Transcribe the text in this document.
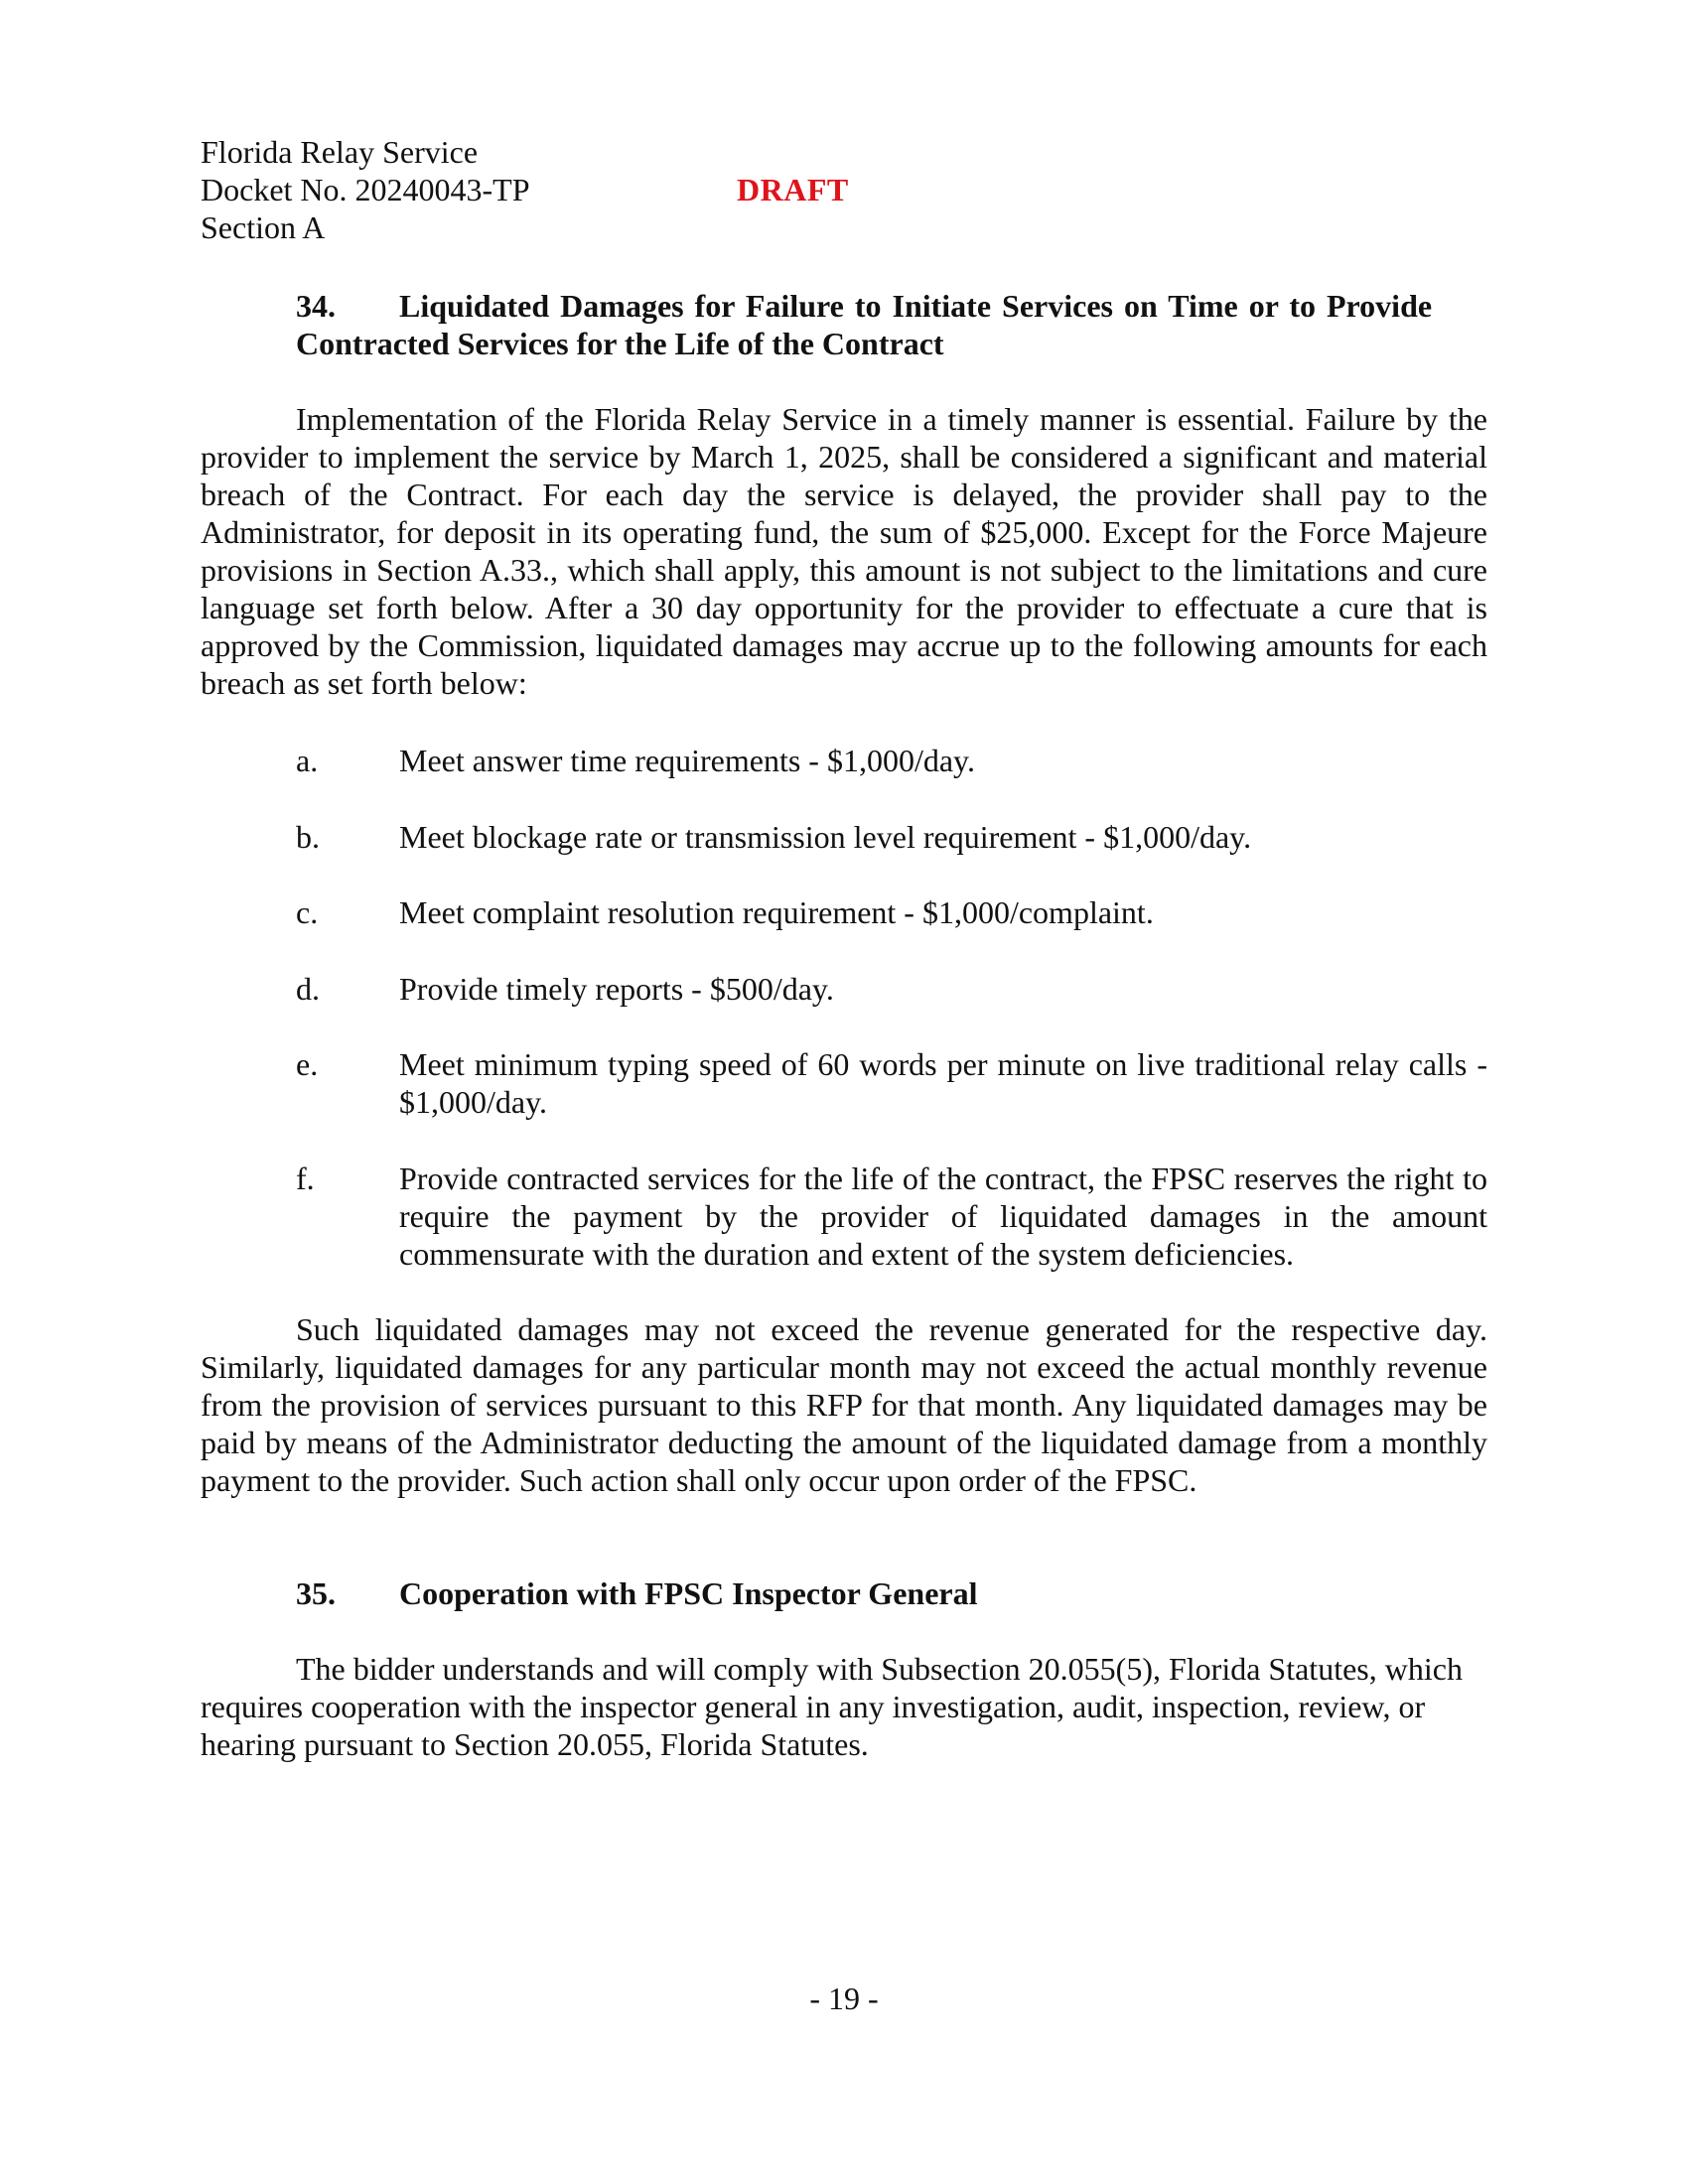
Florida Relay Service
Docket No. 20240043-TP
Section A
DRAFT
34. Liquidated Damages for Failure to Initiate Services on Time or to Provide
Contracted Services for the Life of the Contract

Implementation of the Florida Relay Service in a timely manner is essential. Failure by the provider to implement the service by March 1, 2025, shall be considered a significant and material breach of the Contract. For each day the service is delayed, the provider shall pay to the Administrator, for deposit in its operating fund, the sum of $25,000. Except for the Force Majeure provisions in Section A.33., which shall apply, this amount is not subject to the limitations and cure language set forth below. After a 30 day opportunity for the provider to effectuate a cure that is approved by the Commission, liquidated damages may accrue up to the following amounts for each breach as set forth below:

a.	Meet answer time requirements - $1,000/day.
b.	Meet blockage rate or transmission level requirement - $1,000/day.
c.	Meet complaint resolution requirement - $1,000/complaint.
d.	Provide timely reports - $500/day.
e.	Meet minimum typing speed of 60 words per minute on live traditional relay calls - $1,000/day.
f.	Provide contracted services for the life of the contract, the FPSC reserves the right to require the payment by the provider of liquidated damages in the amount commensurate with the duration and extent of the system deficiencies.

Such liquidated damages may not exceed the revenue generated for the respective day. Similarly, liquidated damages for any particular month may not exceed the actual monthly revenue from the provision of services pursuant to this RFP for that month. Any liquidated damages may be paid by means of the Administrator deducting the amount of the liquidated damage from a monthly payment to the provider. Such action shall only occur upon order of the FPSC.

35. Cooperation with FPSC Inspector General

The bidder understands and will comply with Subsection 20.055(5), Florida Statutes, which requires cooperation with the inspector general in any investigation, audit, inspection, review, or hearing pursuant to Section 20.055, Florida Statutes.

- 19 -
